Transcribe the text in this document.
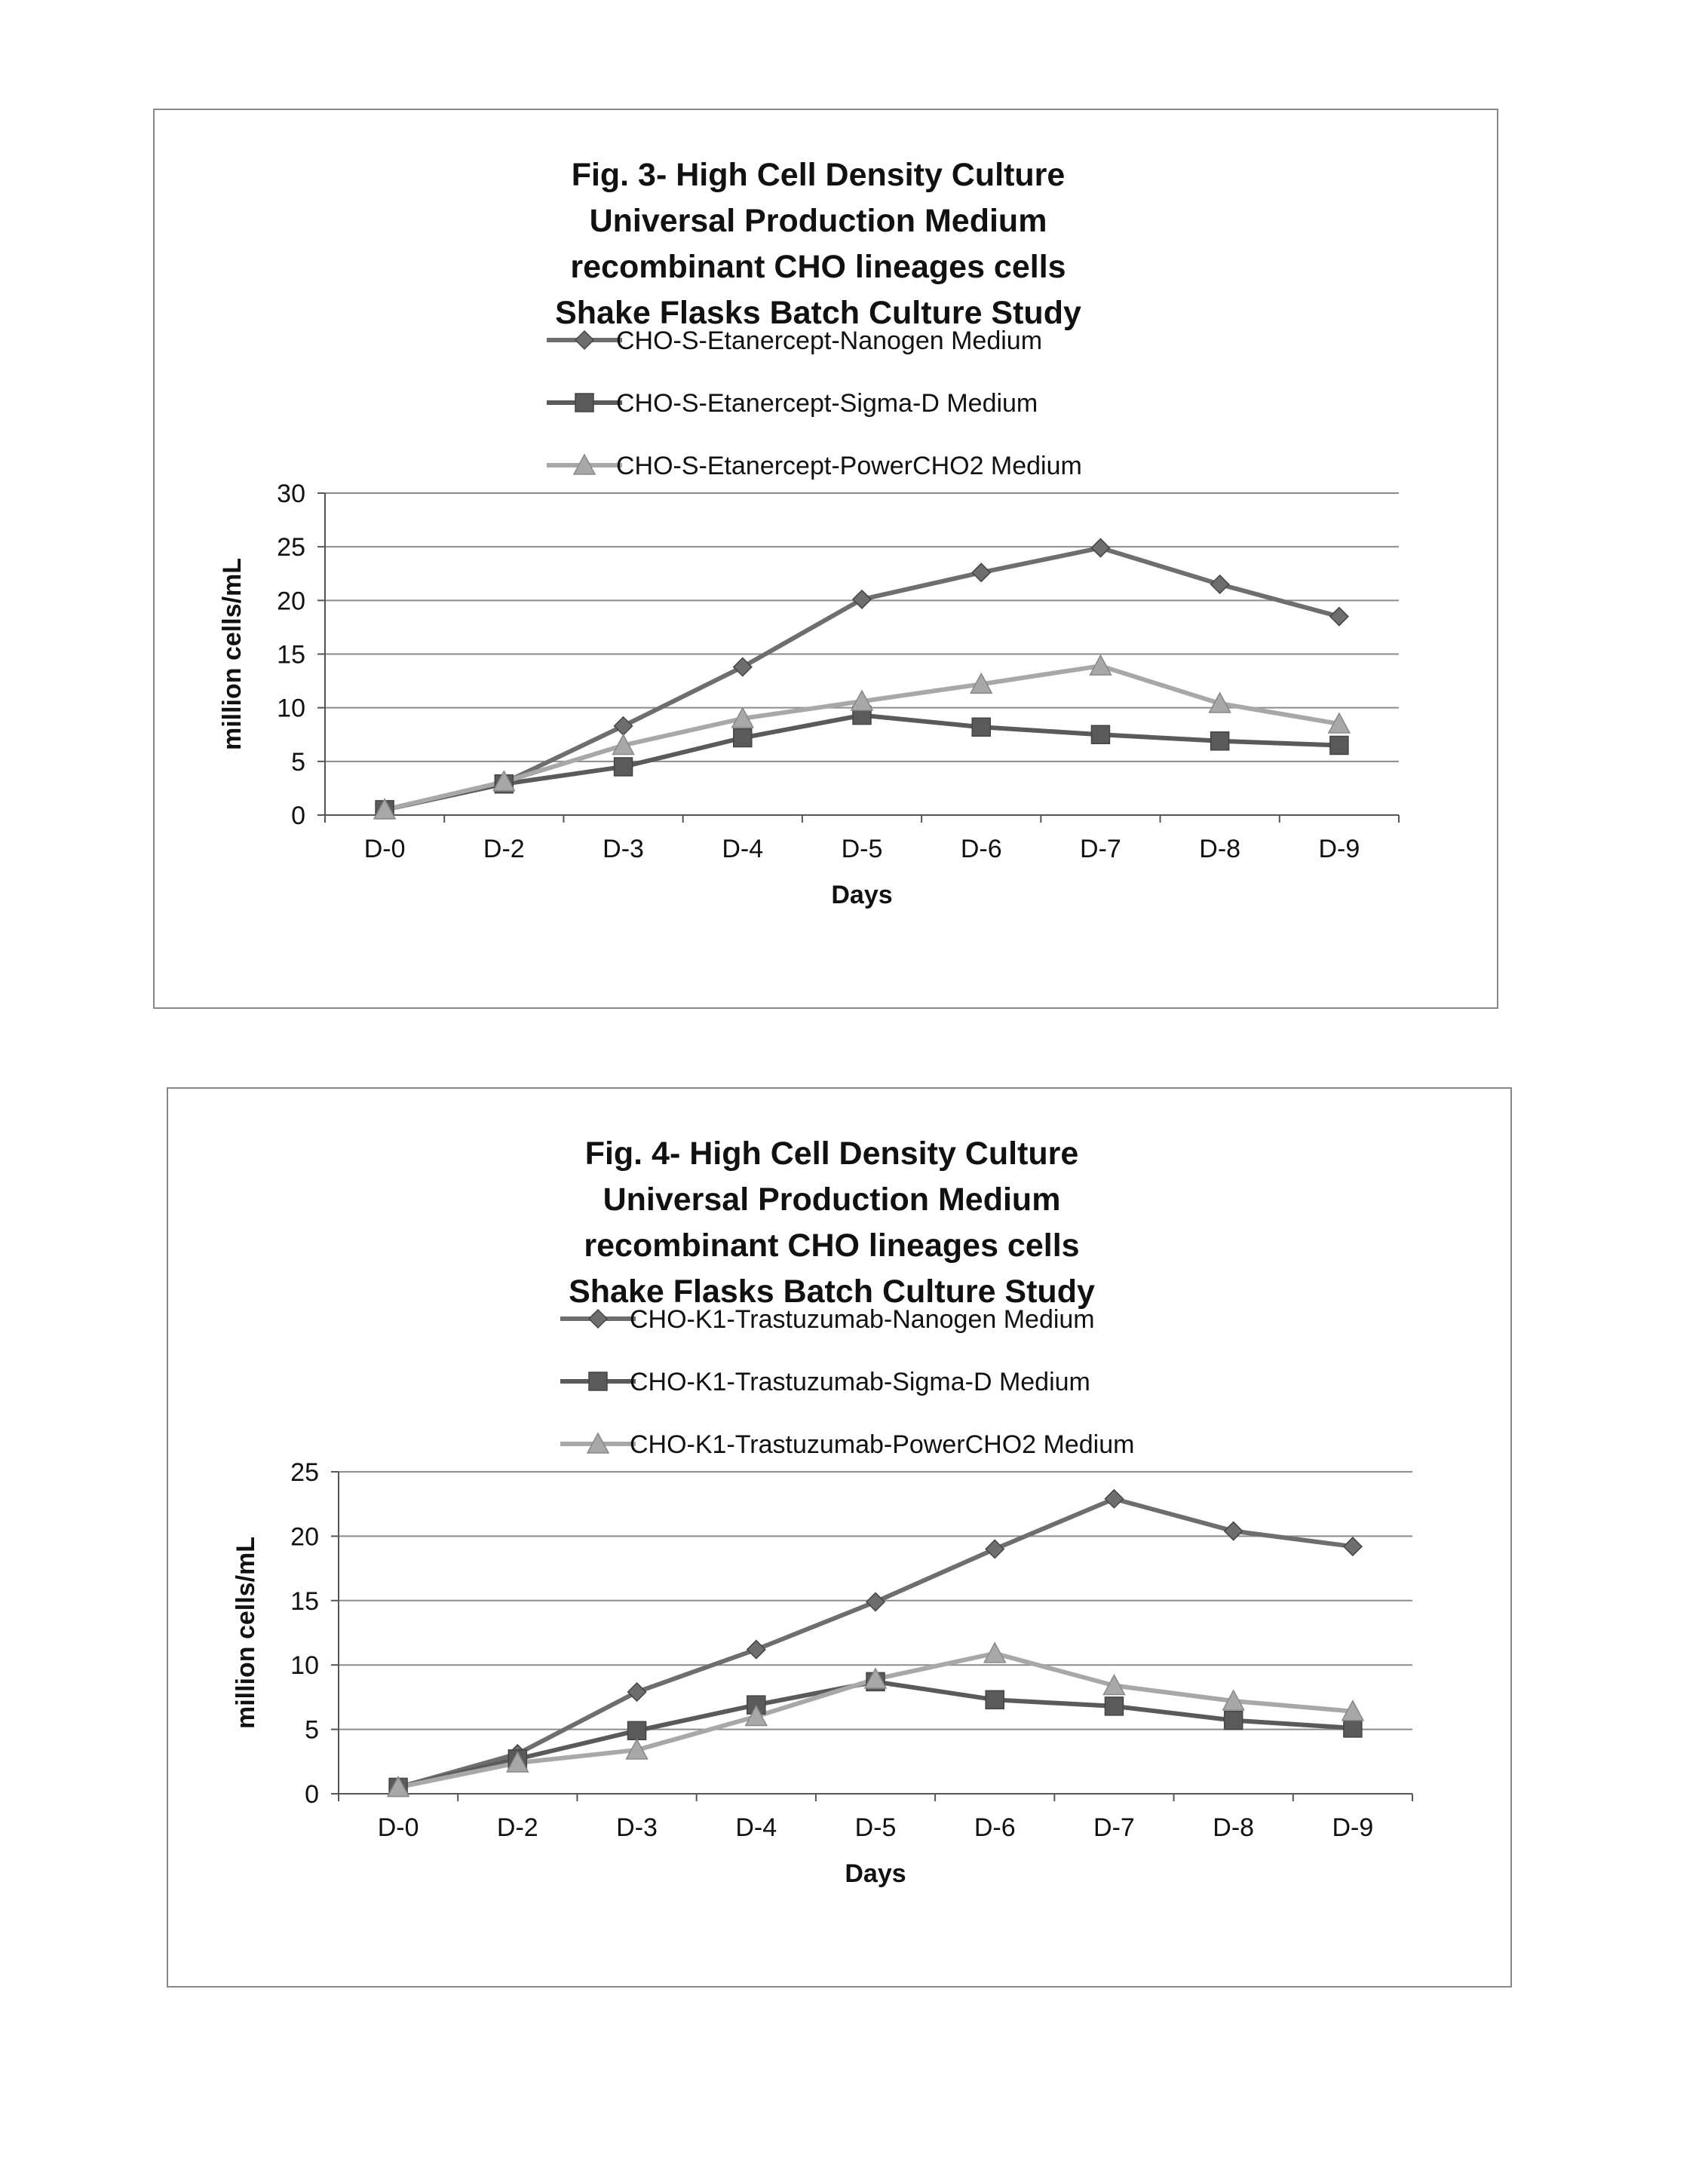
Fig. 3- High Cell Density Culture
Universal Production Medium
recombinant CHO lineages cells
Shake Flasks Batch Culture Study
CHO-S-Etanercept-Nanogen Medium
CHO-S-Etanercept-Sigma-D Medium
CHO-S-Etanercept-PowerCHO2 Medium
0
5
10
15
20
25
30
D-0	D-2	D-3	D-4	D-5	D-6	D-7	D-8	D-9
Days
million cells/mL
Fig. 4- High Cell Density Culture
Universal Production Medium
recombinant CHO lineages cells
Shake Flasks Batch Culture Study
CHO-K1-Trastuzumab-Nanogen Medium
CHO-K1-Trastuzumab-Sigma-D Medium
CHO-K1-Trastuzumab-PowerCHO2 Medium
0
5
10
15
20
25
D-0	D-2	D-3	D-4	D-5	D-6	D-7	D-8	D-9
Days
million cells/mL
